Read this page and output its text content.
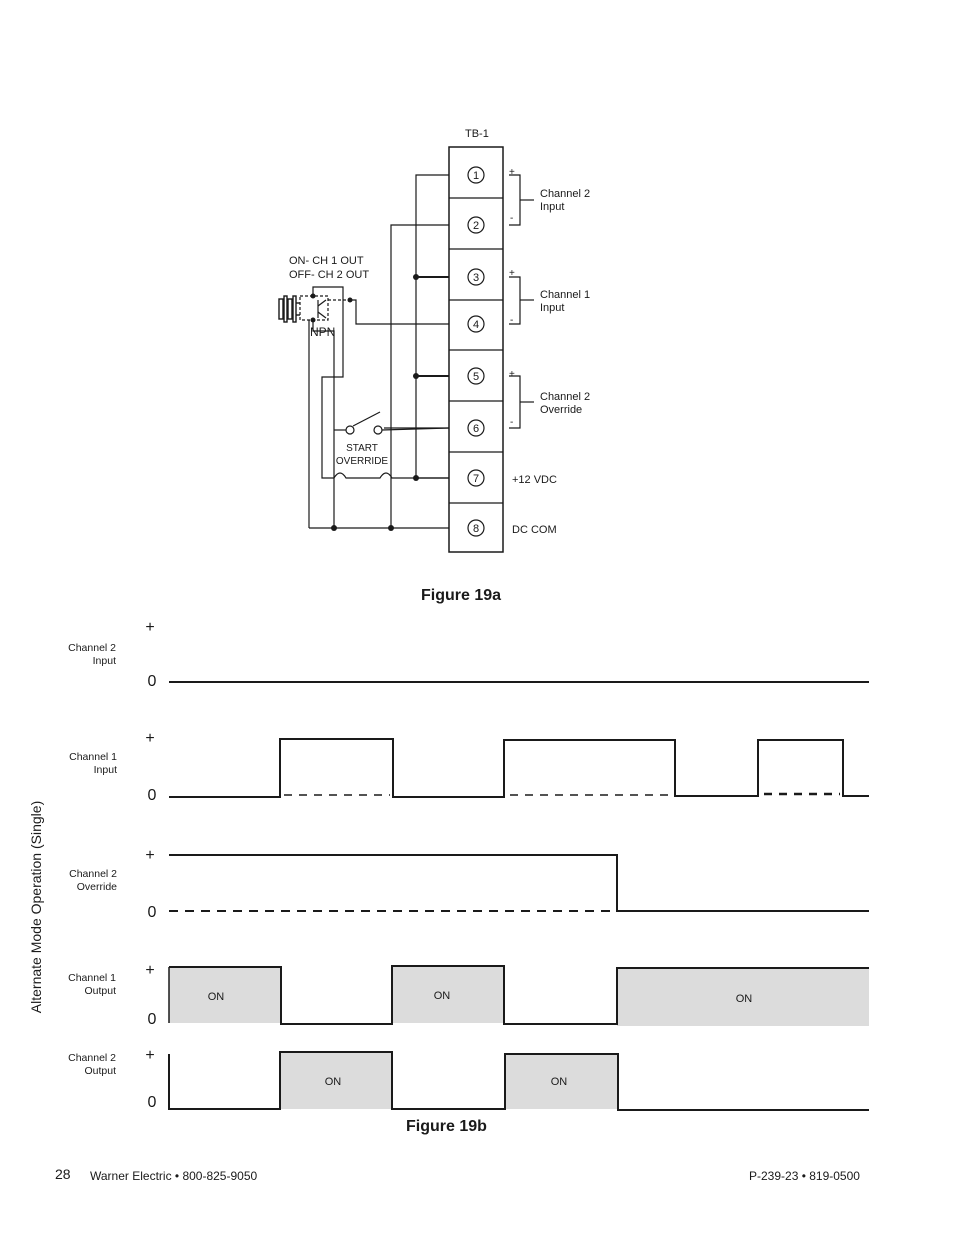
TB-1
1
2
3
4
5
6
7
8
+
-
+
-
+
-
Channel 2
Input
Channel 1
Input
Channel 2
Override
+12 VDC
DC COM
ON- CH 1 OUT
OFF- CH 2 OUT
NPN
START
OVERRIDE
ON	ON	ON
ON	ON
+
0
+
0
+
0
+
0
+
0
Channel 2
Input
Channel 1
Input
Channel 2
Override
Channel 1
Output
Channel 2
Output
Alternate Mode Operation (Single)
Figure 19a
Figure 19b
28 Warner Electric • 800-825-9050	P-239-23 • 819-0500
